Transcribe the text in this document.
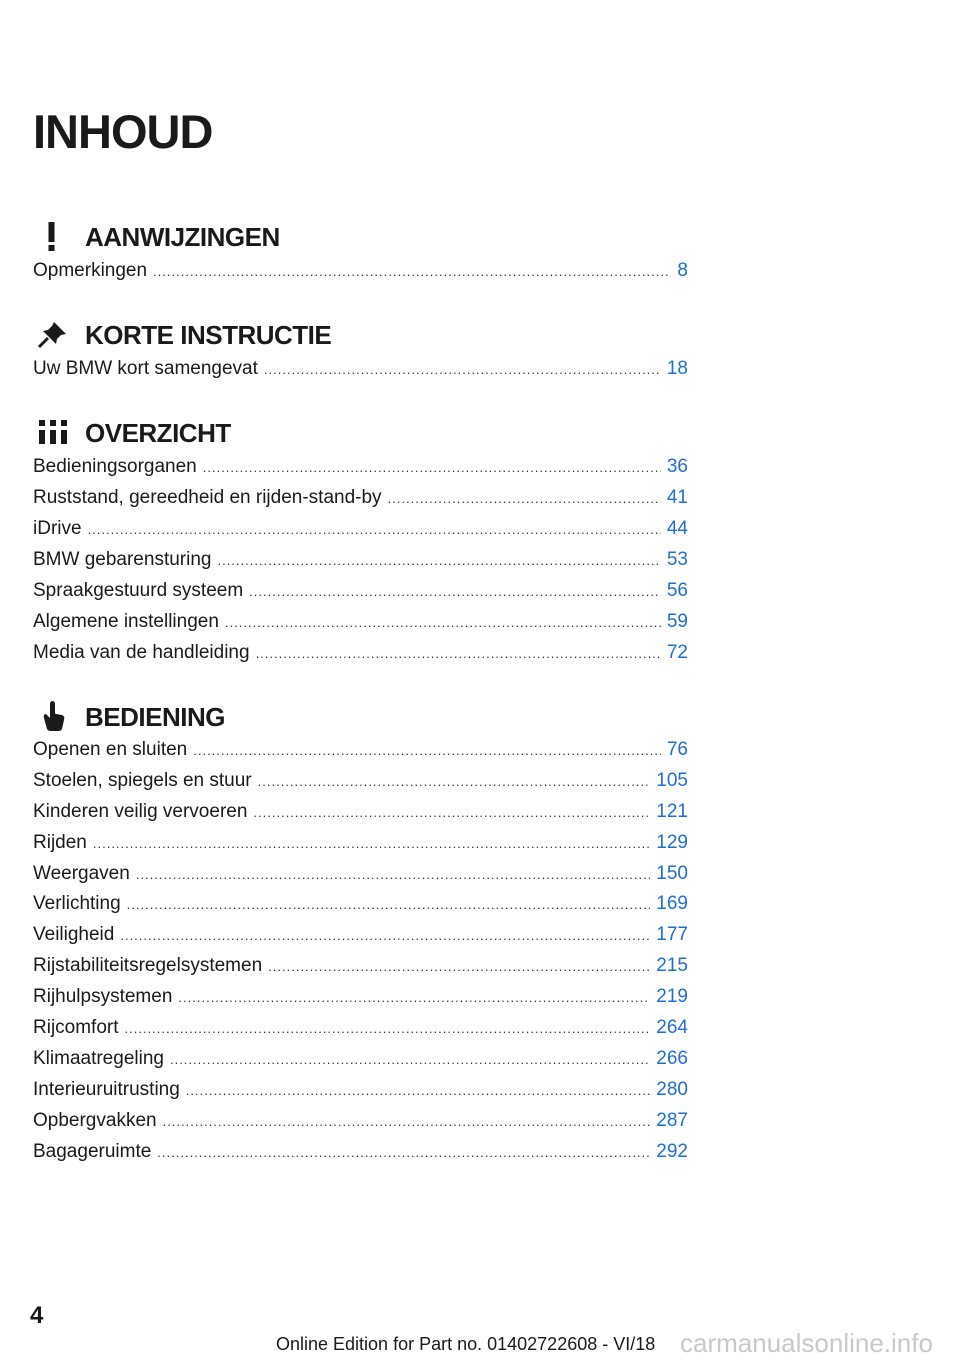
INHOUD
AANWIJZINGEN
Opmerkingen .....	8
KORTE INSTRUCTIE
Uw BMW kort samengevat .....	18
OVERZICHT
Bedieningsorganen .....	36
Ruststand, gereedheid en rijden-stand-by .....	41
iDrive .....	44
BMW gebarensturing .....	53
Spraakgestuurd systeem .....	56
Algemene instellingen .....	59
Media van de handleiding .....	72
BEDIENING
Openen en sluiten .....	76
Stoelen, spiegels en stuur .....	105
Kinderen veilig vervoeren .....	121
Rijden .....	129
Weergaven .....	150
Verlichting .....	169
Veiligheid .....	177
Rijstabiliteitsregelsystemen .....	215
Rijhulpsystemen .....	219
Rijcomfort .....	264
Klimaatregeling .....	266
Interieuruitrusting .....	280
Opbergvakken .....	287
Bagageruimte .....	292
4
Online Edition for Part no. 01402722608 - VI/18 carmanualsonline.info
